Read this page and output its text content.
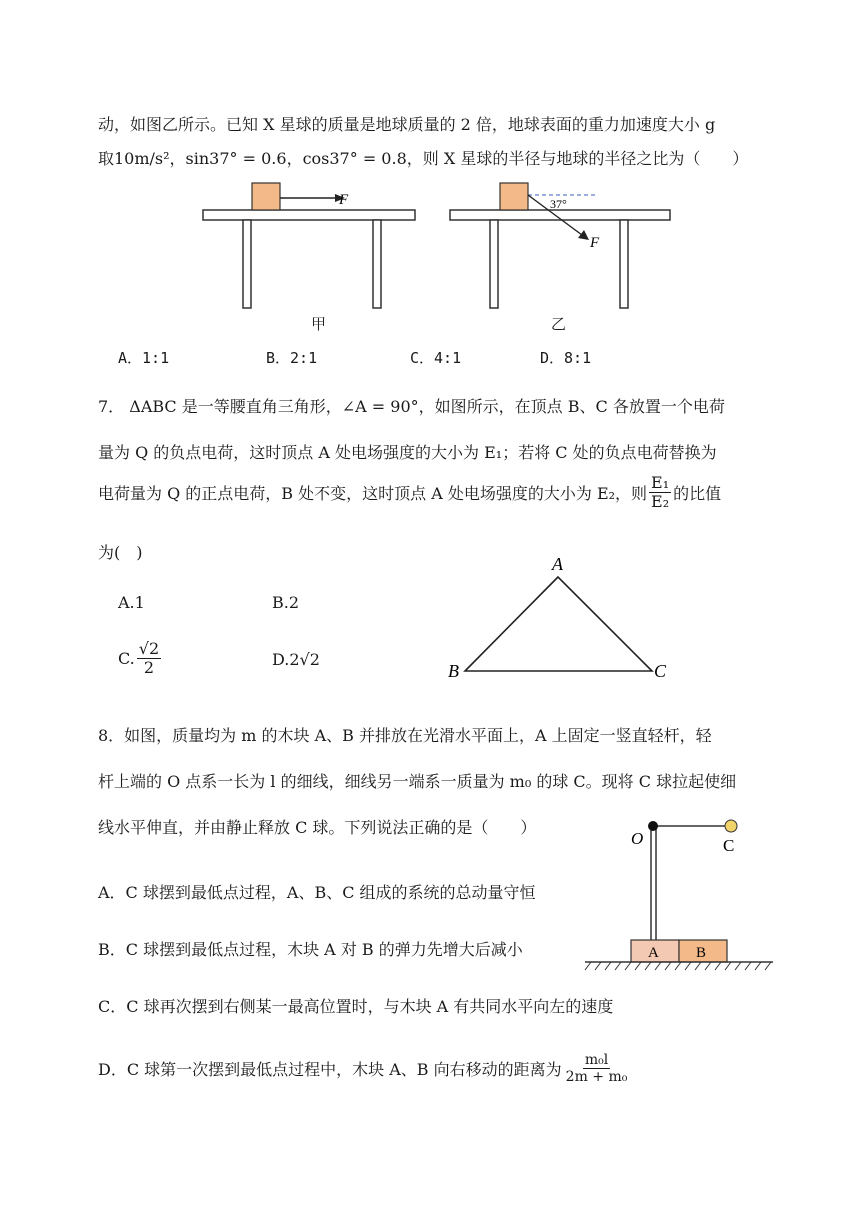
动，如图乙所示。已知 X 星球的质量是地球质量的 2 倍，地球表面的重力加速度大小 g
取10m/s²，sin37° = 0.6，cos37° = 0.8，则 X 星球的半径与地球的半径之比为（　　）
F
甲
37°
F
乙
A．1:1	B．2:1	C．4:1	D．8:1
7． ΔABC 是一等腰直角三角形，∠A = 90°，如图所示，在顶点 B、C 各放置一个电荷
量为 Q 的负点电荷，这时顶点 A 处电场强度的大小为 E₁；若将 C 处的负点电荷替换为
电荷量为 Q 的正点电荷，B 处不变，这时顶点 A 处电场强度的大小为 E₂，则 $\frac{\text{E₁}}{\text{E₂}}$ 的比值
为(　)
A.1	B.2
C. $\frac{√2}{2}$	D.2√2
A
B	C
8．如图，质量均为 m 的木块 A、B 并排放在光滑水平面上，A 上固定一竖直轻杆，轻
杆上端的 O 点系一长为 l 的细线，细线另一端系一质量为 m₀ 的球 C。现将 C 球拉起使细
线水平伸直，并由静止释放 C 球。下列说法正确的是（　　）
A．C 球摆到最低点过程，A、B、C 组成的系统的总动量守恒
B．C 球摆到最低点过程，木块 A 对 B 的弹力先增大后减小
C．C 球再次摆到右侧某一最高位置时，与木块 A 有共同水平向左的速度
D．C 球第一次摆到最低点过程中，木块 A、B 向右移动的距离为 $\frac{\text{m₀l}}{\text{2m + m₀}}$
O	C
A B
